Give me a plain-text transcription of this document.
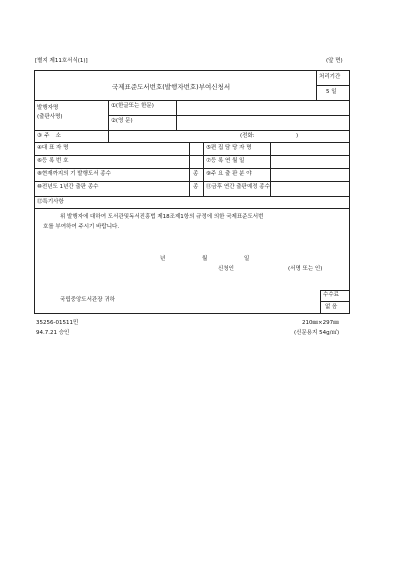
[별지 제11호서식(1)]	(앞 면)
국제표준도서번호(발행자번호)부여신청서
처리기간
5 일
발행자명
(출판사명)
①(한글또는 한문)
②(영 문)
③주 소	(전화:	)
④대 표 자 명	⑤편 집 담 당 자 명
⑥등 록 번 호	⑦등 록 연 월 일
⑧현재까지의 기 발행도서 종수	종 ⑨주 요 출 판 분 야
⑩전년도 1년간 출판 종수	종 ⑪금후 연간 출판예정 종수
⑫특기사항
위 발행자에 대하여 도서관및독서진흥법 제18조제1항의 규정에 의한 국제표준도서번
호를 부여하여 주시기 바랍니다.
년	월	일
신청인	(서명 또는 인)
국립중앙도서관장 귀하
수수료
없 음
35256-01511민	210㎜×297㎜
94.7.21 승인	(신문용지 54g/㎡)
